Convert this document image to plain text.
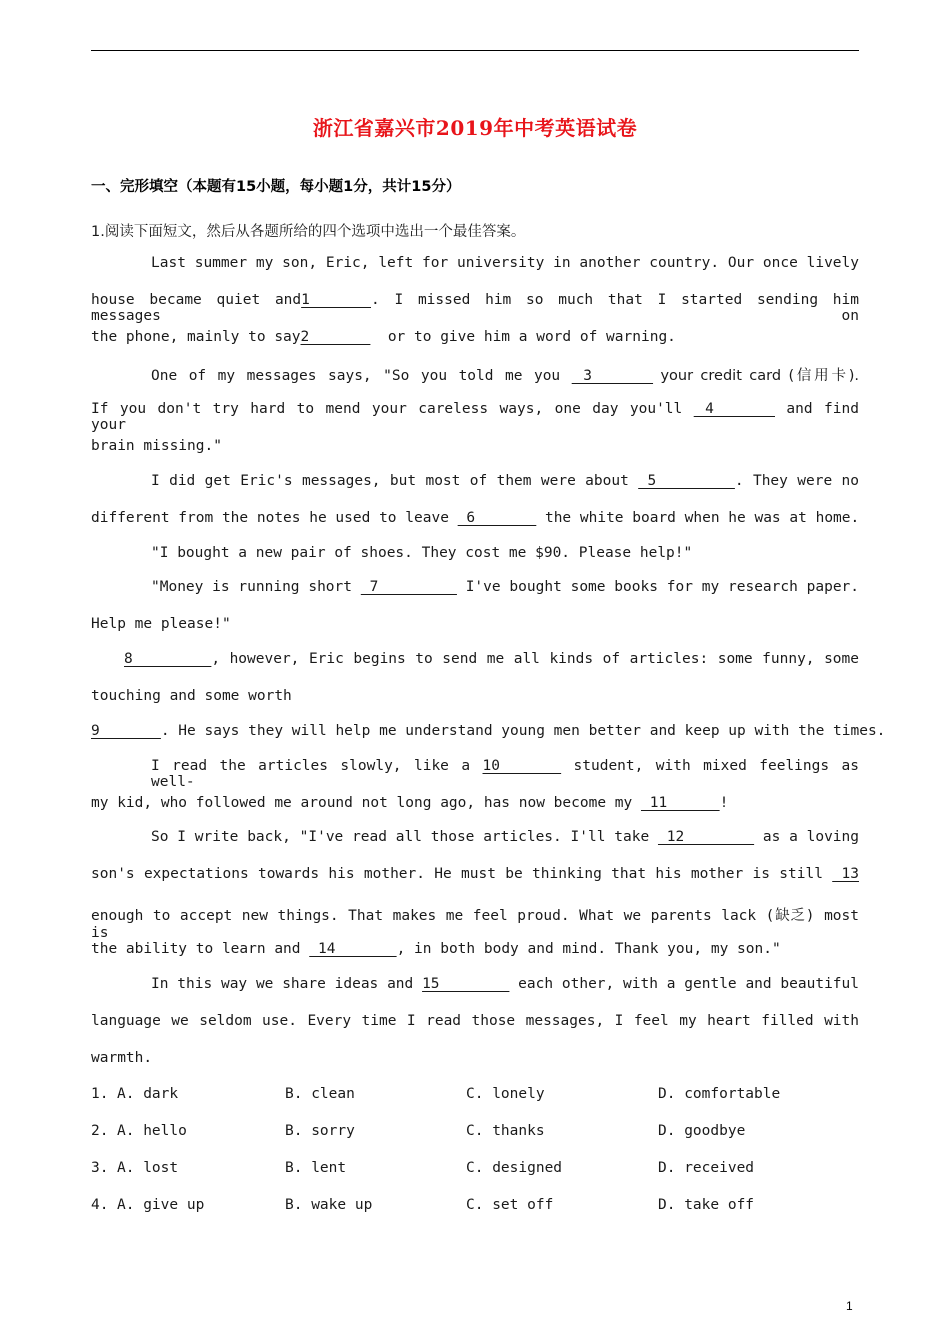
浙江省嘉兴市2019年中考英语试卷
一、完形填空（本题有15小题，每小题1分，共计15分）
1.阅读下面短文，然后从各题所给的四个选项中选出一个最佳答案。
Last summer my son, Eric, left for university in another country. Our once lively
house became quiet and1_______. I missed him so much that I started sending him messages on
the phone, mainly to say2_______  or to give him a word of warning.
One of my messages says, "So you told me you  3_______ your credit card (信用卡).
If you don't try hard to mend your careless ways, one day you'll  4_______ and find your
brain missing."
I did get Eric's messages, but most of them were about  5_________. They were no
different from the notes he used to leave  6_______ the white board when he was at home.
"I bought a new pair of shoes. They cost me $90. Please help!"
"Money is running short  7_________ I've bought some books for my research paper.
Help me please!"
8_________, however, Eric begins to send me all kinds of articles: some funny, some
touching and some worth
9_______. He says they will help me understand young men better and keep up with the times.
I read the articles slowly, like a 10_______ student, with mixed feelings as well-
my kid, who followed me around not long ago, has now become my  11______!
So I write back, "I've read all those articles. I'll take  12________ as a loving
son's expectations towards his mother. He must be thinking that his mother is still  13
enough to accept new things. That makes me feel proud. What we parents lack (缺乏) most is
the ability to learn and  14_______, in both body and mind. Thank you, my son."
In this way we share ideas and 15________ each other, with a gentle and beautiful
language we seldom use. Every time I read those messages, I feel my heart filled with
warmth.
1. A. dark	B. clean	C. lonely	D. comfortable
2. A. hello	B. sorry	C. thanks	D. goodbye
3. A. lost	B. lent	C. designed	D. received
4. A. give up	B. wake up	C. set off	D. take off
1
